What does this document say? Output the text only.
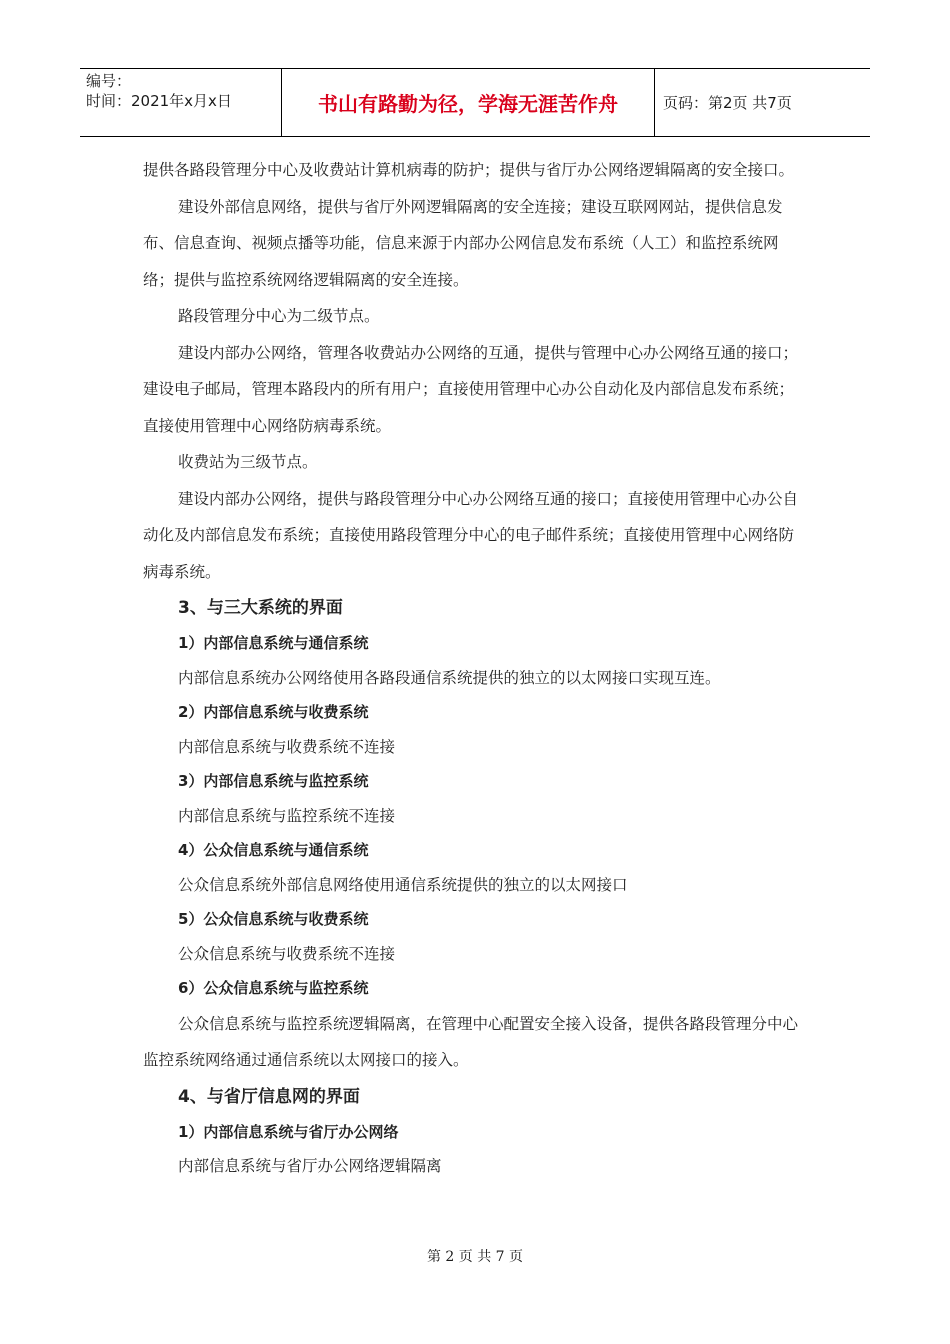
编号：
时间：2021年x月x日	书山有路勤为径，学海无涯苦作舟	页码：第2页 共7页

提供各路段管理分中心及收费站计算机病毒的防护；提供与省厅办公网络逻辑隔离的安全接口。

建设外部信息网络，提供与省厅外网逻辑隔离的安全连接；建设互联网网站，提供信息发布、信息查询、视频点播等功能，信息来源于内部办公网信息发布系统（人工）和监控系统网络；提供与监控系统网络逻辑隔离的安全连接。

路段管理分中心为二级节点。

建设内部办公网络，管理各收费站办公网络的互通，提供与管理中心办公网络互通的接口；建设电子邮局，管理本路段内的所有用户；直接使用管理中心办公自动化及内部信息发布系统；直接使用管理中心网络防病毒系统。

收费站为三级节点。

建设内部办公网络，提供与路段管理分中心办公网络互通的接口；直接使用管理中心办公自动化及内部信息发布系统；直接使用路段管理分中心的电子邮件系统；直接使用管理中心网络防病毒系统。

3、与三大系统的界面
1）内部信息系统与通信系统
内部信息系统办公网络使用各路段通信系统提供的独立的以太网接口实现互连。
2）内部信息系统与收费系统
内部信息系统与收费系统不连接
3）内部信息系统与监控系统
内部信息系统与监控系统不连接
4）公众信息系统与通信系统
公众信息系统外部信息网络使用通信系统提供的独立的以太网接口
5）公众信息系统与收费系统
公众信息系统与收费系统不连接
6）公众信息系统与监控系统

公众信息系统与监控系统逻辑隔离，在管理中心配置安全接入设备，提供各路段管理分中心监控系统网络通过通信系统以太网接口的接入。

4、与省厅信息网的界面
1）内部信息系统与省厅办公网络
内部信息系统与省厅办公网络逻辑隔离
第 2 页 共 7 页
